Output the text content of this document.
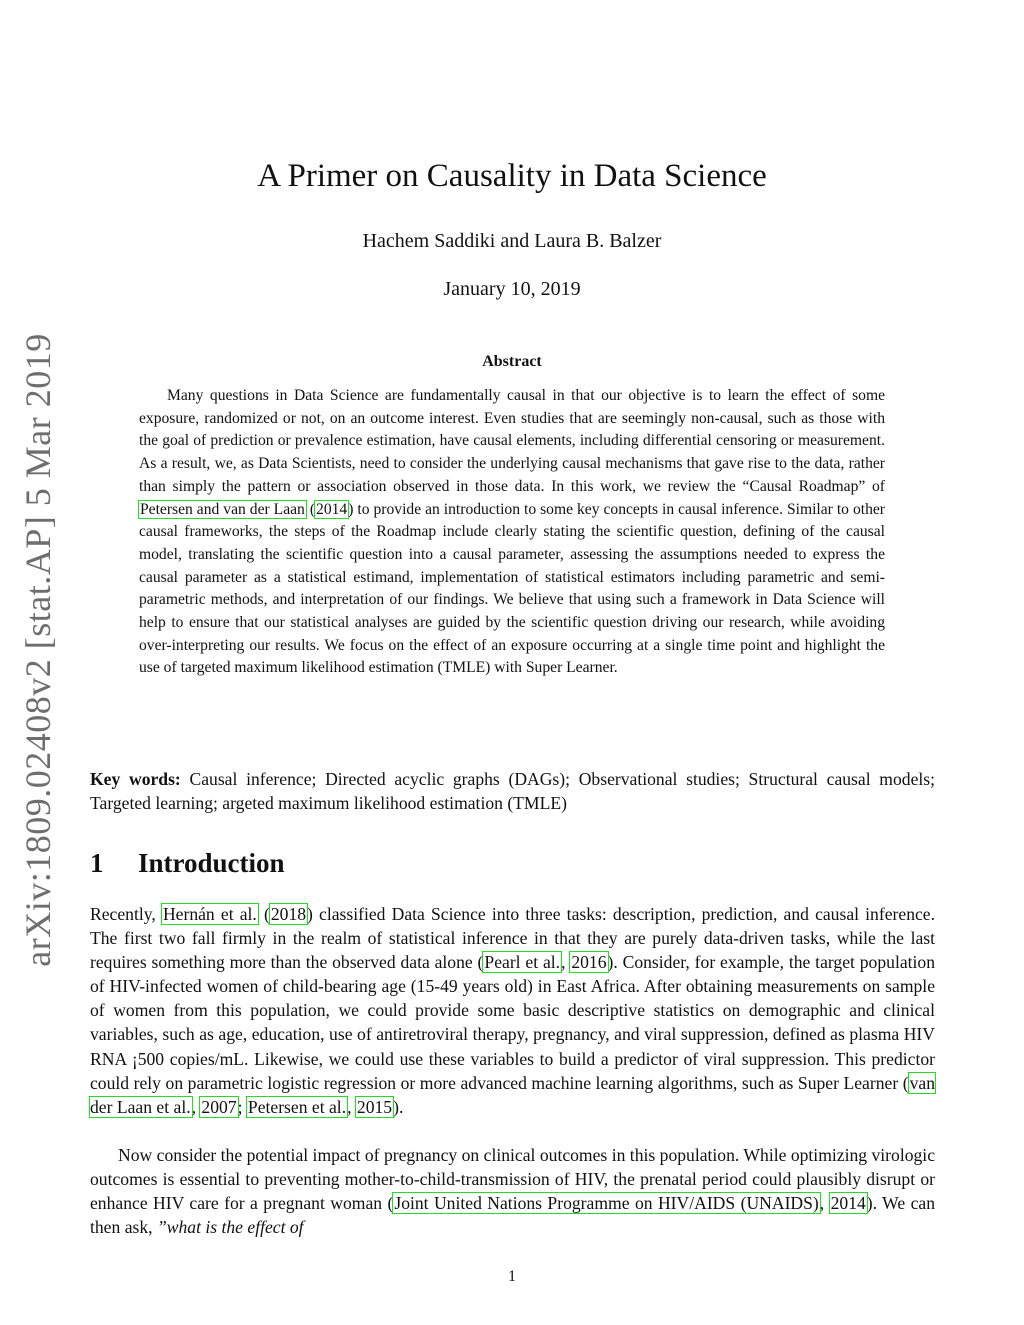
arXiv:1809.02408v2 [stat.AP] 5 Mar 2019
A Primer on Causality in Data Science
Hachem Saddiki and Laura B. Balzer
January 10, 2019
Abstract

Many questions in Data Science are fundamentally causal in that our objective is to learn the effect of some exposure, randomized or not, on an outcome interest. Even studies that are seemingly non-causal, such as those with the goal of prediction or prevalence estimation, have causal elements, including differential censoring or measurement. As a result, we, as Data Scientists, need to consider the underlying causal mechanisms that gave rise to the data, rather than simply the pattern or association observed in those data. In this work, we review the “Causal Roadmap” of Petersen and van der Laan (2014) to provide an introduction to some key concepts in causal inference. Similar to other causal frameworks, the steps of the Roadmap include clearly stating the scientific question, defining of the causal model, translating the scientific question into a causal parameter, assessing the assumptions needed to express the causal parameter as a statistical estimand, implementation of statistical estimators including parametric and semi-parametric methods, and interpretation of our findings. We believe that using such a framework in Data Science will help to ensure that our statistical analyses are guided by the scientific question driving our research, while avoiding over-interpreting our results. We focus on the effect of an exposure occurring at a single time point and highlight the use of targeted maximum likelihood estimation (TMLE) with Super Learner.

Key words: Causal inference; Directed acyclic graphs (DAGs); Observational studies; Structural causal models; Targeted learning; argeted maximum likelihood estimation (TMLE)

1 Introduction

Recently, Hernán et al. (2018) classified Data Science into three tasks: description, prediction, and causal inference. The first two fall firmly in the realm of statistical inference in that they are purely data-driven tasks, while the last requires something more than the observed data alone (Pearl et al., 2016). Consider, for example, the target population of HIV-infected women of child-bearing age (15-49 years old) in East Africa. After obtaining measurements on sample of women from this population, we could provide some basic descriptive statistics on demographic and clinical variables, such as age, education, use of antiretroviral therapy, pregnancy, and viral suppression, defined as plasma HIV RNA ¡500 copies/mL. Likewise, we could use these variables to build a predictor of viral suppression. This predictor could rely on parametric logistic regression or more advanced machine learning algorithms, such as Super Learner (van der Laan et al., 2007; Petersen et al., 2015).

Now consider the potential impact of pregnancy on clinical outcomes in this population. While optimizing virologic outcomes is essential to preventing mother-to-child-transmission of HIV, the prenatal period could plausibly disrupt or enhance HIV care for a pregnant woman (Joint United Nations Programme on HIV/AIDS (UNAIDS), 2014). We can then ask, ”what is the effect of

1
